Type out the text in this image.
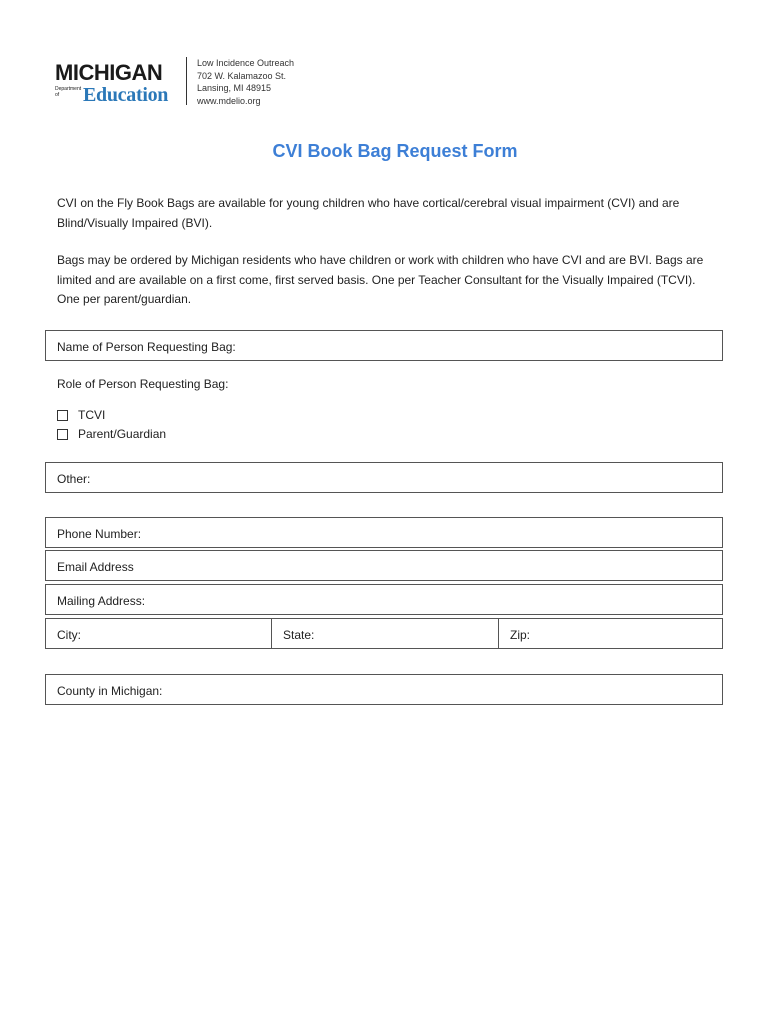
MICHIGAN
Department of	Education
Low Incidence Outreach
702 W. Kalamazoo St.
Lansing, MI 48915
www.mdelio.org
CVI Book Bag Request Form
CVI on the Fly Book Bags are available for young children who have cortical/cerebral visual impairment (CVI) and are Blind/Visually Impaired (BVI).
Bags may be ordered by Michigan residents who have children or work with children who have CVI and are BVI. Bags are limited and are available on a first come, first served basis. One per Teacher Consultant for the Visually Impaired (TCVI). One per parent/guardian.
Name of Person Requesting Bag:
Role of Person Requesting Bag:
TCVI
Parent/Guardian
Other:
Phone Number:
Email Address
Mailing Address:
City:	State:	Zip:
County in Michigan:
